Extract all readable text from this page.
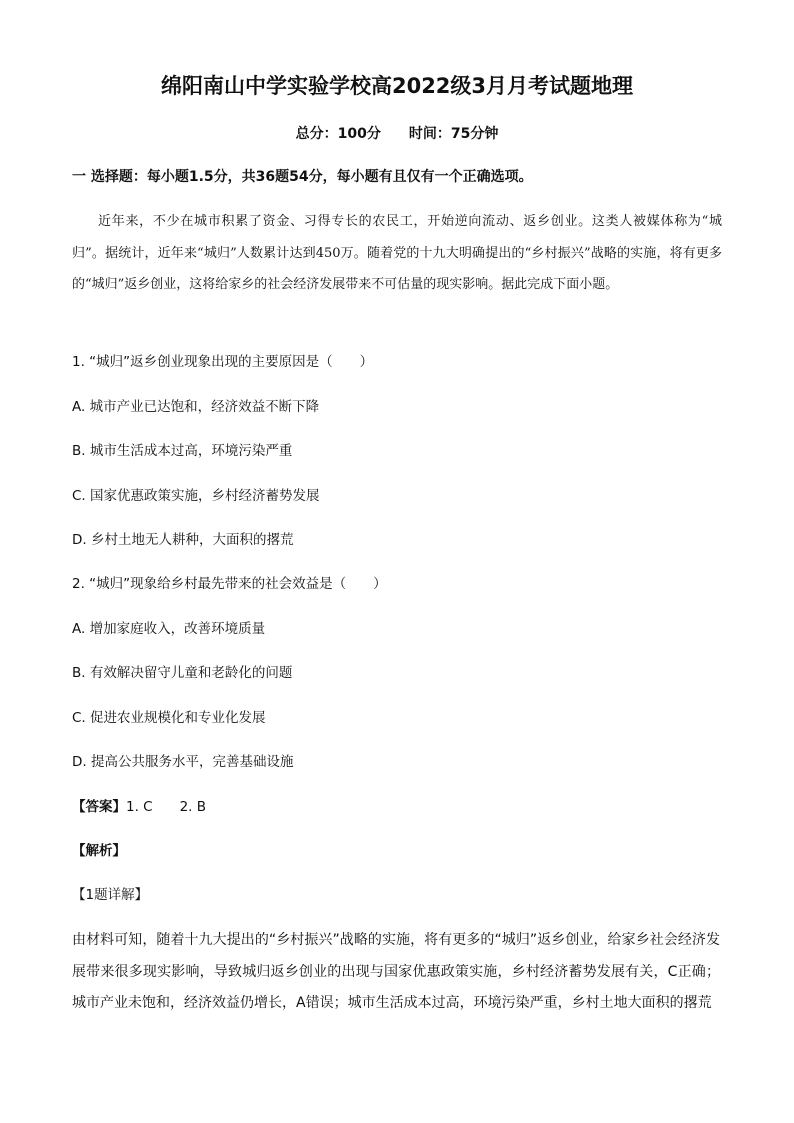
绵阳南山中学实验学校高2022级3月月考试题地理
总分：100分 时间：75分钟
一 选择题：每小题1.5分，共36题54分，每小题有且仅有一个正确选项。
近年来，不少在城市积累了资金、习得专长的农民工，开始逆向流动、返乡创业。这类人被媒体称为“城归”。据统计，近年来“城归”人数累计达到450万。随着党的十九大明确提出的“乡村振兴”战略的实施，将有更多的“城归”返乡创业，这将给家乡的社会经济发展带来不可估量的现实影响。据此完成下面小题。
1. “城归”返乡创业现象出现的主要原因是（　　）
A. 城市产业已达饱和，经济效益不断下降
B. 城市生活成本过高，环境污染严重
C. 国家优惠政策实施，乡村经济蓄势发展
D. 乡村土地无人耕种，大面积的撂荒
2. “城归”现象给乡村最先带来的社会效益是（　　）
A. 增加家庭收入，改善环境质量
B. 有效解决留守儿童和老龄化的问题
C. 促进农业规模化和专业化发展
D. 提高公共服务水平，完善基础设施
【答案】1. C　　2. B
【解析】
【1题详解】
由材料可知，随着十九大提出的“乡村振兴”战略的实施，将有更多的“城归”返乡创业，给家乡社会经济发展带来很多现实影响，导致城归返乡创业的出现与国家优惠政策实施，乡村经济蓄势发展有关，C正确；城市产业未饱和，经济效益仍增长，A错误；城市生活成本过高，环境污染严重，乡村土地大面积的撂荒
